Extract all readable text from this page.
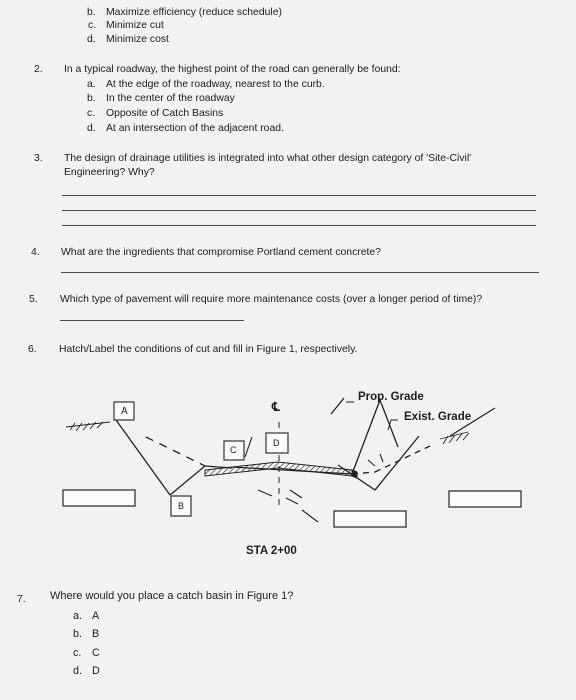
b. Maximize efficiency (reduce schedule)
c. Minimize cut
d. Minimize cost
2. In a typical roadway, the highest point of the road can generally be found:
a. At the edge of the roadway, nearest to the curb.
b. In the center of the roadway
c. Opposite of Catch Basins
d. At an intersection of the adjacent road.
3. The design of drainage utilities is integrated into what other design category of 'Site-Civil'
Engineering? Why?
4. What are the ingredients that compromise Portland cement concrete?
5. Which type of pavement will require more maintenance costs (over a longer period of time)?
6. Hatch/Label the conditions of cut and fill in Figure 1, respectively.
A
B
C
D
℄
Prop. Grade
Exist. Grade
STA 2+00
7. Where would you place a catch basin in Figure 1?
a. A
b. B
c. C
d. D
